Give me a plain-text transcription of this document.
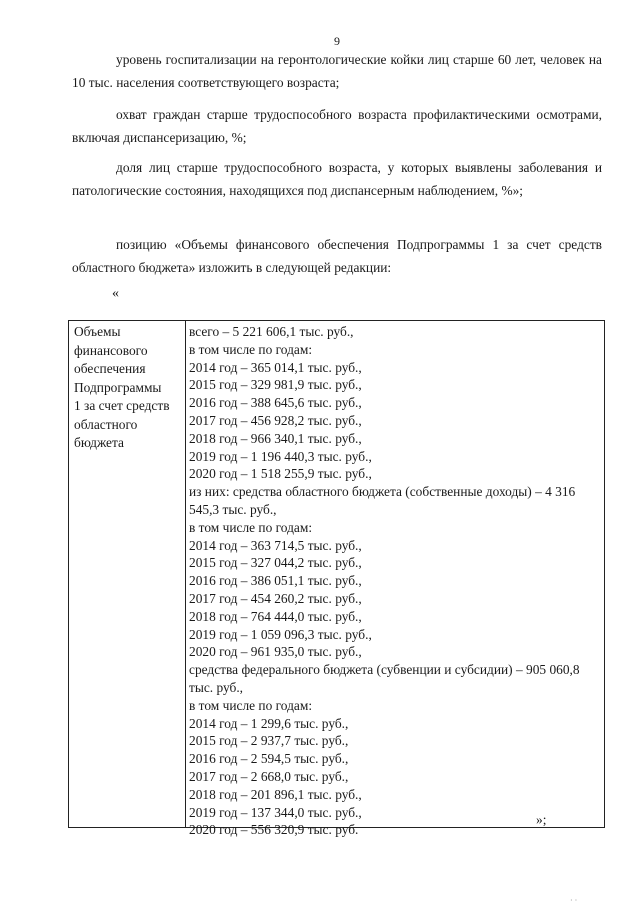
9
уровень госпитализации на геронтологические койки лиц старше 60 лет, человек на 10 тыс. населения соответствующего возраста;
охват граждан старше трудоспособного возраста профилактическими осмотрами, включая диспансеризацию, %;
доля лиц старше трудоспособного возраста, у которых выявлены заболевания и патологические состояния, находящихся под диспансерным наблюдением, %»;
позицию «Объемы финансового обеспечения Подпрограммы 1 за счет средств областного бюджета» изложить в следующей редакции:
«
Объемы
финансового
обеспечения
Подпрограммы
1 за счет средств
областного
бюджета
всего – 5 221 606,1 тыс. руб.,
в том числе по годам:
2014 год – 365 014,1 тыс. руб.,
2015 год – 329 981,9 тыс. руб.,
2016 год – 388 645,6 тыс. руб.,
2017 год – 456 928,2 тыс. руб.,
2018 год – 966 340,1 тыс. руб.,
2019 год – 1 196 440,3 тыс. руб.,
2020 год – 1 518 255,9 тыс. руб.,
из них: средства областного бюджета (собственные доходы) – 4 316 545,3 тыс. руб.,
в том числе по годам:
2014 год – 363 714,5 тыс. руб.,
2015 год – 327 044,2 тыс. руб.,
2016 год – 386 051,1 тыс. руб.,
2017 год – 454 260,2 тыс. руб.,
2018 год – 764 444,0 тыс. руб.,
2019 год – 1 059 096,3 тыс. руб.,
2020 год – 961 935,0 тыс. руб.,
средства федерального бюджета (субвенции и субсидии) – 905 060,8 тыс. руб.,
в том числе по годам:
2014 год – 1 299,6 тыс. руб.,
2015 год – 2 937,7 тыс. руб.,
2016 год – 2 594,5 тыс. руб.,
2017 год – 2 668,0 тыс. руб.,
2018 год – 201 896,1 тыс. руб.,
2019 год – 137 344,0 тыс. руб.,
2020 год – 556 320,9 тыс. руб.
»;
· ·
